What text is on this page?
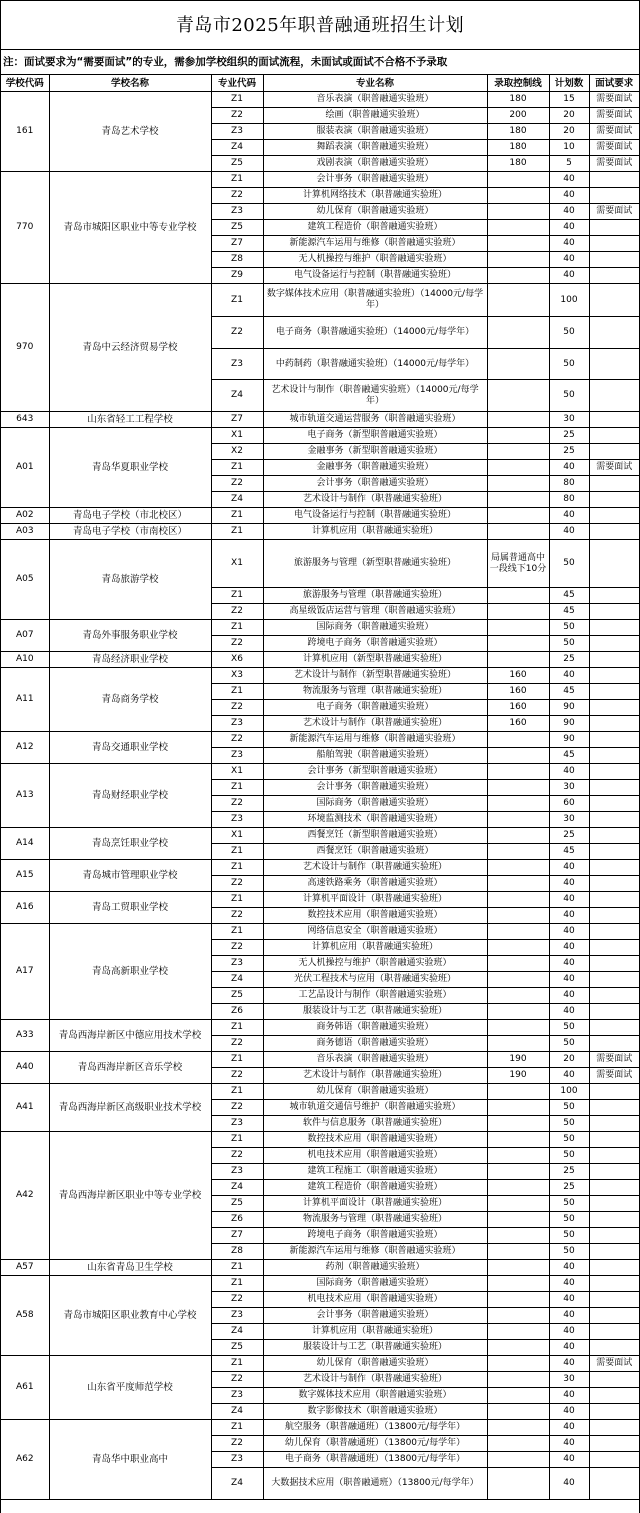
青岛市2025年职普融通班招生计划
注：面试要求为“需要面试”的专业，需参加学校组织的面试流程，未面试或面试不合格不予录取
学校代码	学校名称	专业代码	专业名称	录取控制线	计划数	面试要求
161	青岛艺术学校	Z1	音乐表演（职普融通实验班）	180	15	需要面试
		Z2	绘画（职普融通实验班）	200	20	需要面试
		Z3	服装表演（职普融通实验班）	180	20	需要面试
		Z4	舞蹈表演（职普融通实验班）	180	10	需要面试
		Z5	戏剧表演（职普融通实验班）	180	5	需要面试
770	青岛市城阳区职业中等专业学校	Z1	会计事务（职普融通实验班）		40	
		Z2	计算机网络技术（职普融通实验班）		40	
		Z3	幼儿保育（职普融通实验班）		40	需要面试
		Z5	建筑工程造价（职普融通实验班）		40	
		Z7	新能源汽车运用与维修（职普融通实验班）		40	
		Z8	无人机操控与维护（职普融通实验班）		40	
		Z9	电气设备运行与控制（职普融通实验班）		40	
970	青岛中云经济贸易学校	Z1	数字媒体技术应用（职普融通实验班）（14000元/每学年）		100	
		Z2	电子商务（职普融通实验班）（14000元/每学年）		50	
		Z3	中药制药（职普融通实验班）（14000元/每学年）		50	
		Z4	艺术设计与制作（职普融通实验班）（14000元/每学年）		50	
643	山东省轻工工程学校	Z7	城市轨道交通运营服务（职普融通实验班）		30	
A01	青岛华夏职业学校	X1	电子商务（新型职普融通实验班）		25	
		X2	金融事务（新型职普融通实验班）		25	
		Z1	金融事务（职普融通实验班）		40	需要面试
		Z2	会计事务（职普融通实验班）		80	
		Z4	艺术设计与制作（职普融通实验班）		80	
A02	青岛电子学校（市北校区）	Z1	电气设备运行与控制（职普融通实验班）		40	
A03	青岛电子学校（市南校区）	Z1	计算机应用（职普融通实验班）		40	
A05	青岛旅游学校	X1	旅游服务与管理（新型职普融通实验班）	局属普通高中一段线下10分	50	
		Z1	旅游服务与管理（职普融通实验班）		45	
		Z2	高星级饭店运营与管理（职普融通实验班）		45	
A07	青岛外事服务职业学校	Z1	国际商务（职普融通实验班）		50	
		Z2	跨境电子商务（职普融通实验班）		50	
A10	青岛经济职业学校	X6	计算机应用（新型职普融通实验班）		25	
A11	青岛商务学校	X3	艺术设计与制作（新型职普融通实验班）	160	40	
		Z1	物流服务与管理（职普融通实验班）	160	45	
		Z2	电子商务（职普融通实验班）	160	90	
		Z3	艺术设计与制作（职普融通实验班）	160	90	
A12	青岛交通职业学校	Z2	新能源汽车运用与维修（职普融通实验班）		90	
		Z3	船舶驾驶（职普融通实验班）		45	
A13	青岛财经职业学校	X1	会计事务（新型职普融通实验班）		40	
		Z1	会计事务（职普融通实验班）		30	
		Z2	国际商务（职普融通实验班）		60	
		Z3	环境监测技术（职普融通实验班）		30	
A14	青岛烹饪职业学校	X1	西餐烹饪（新型职普融通实验班）		25	
		Z1	西餐烹饪（职普融通实验班）		45	
A15	青岛城市管理职业学校	Z1	艺术设计与制作（职普融通实验班）		40	
		Z2	高速铁路乘务（职普融通实验班）		40	
A16	青岛工贸职业学校	Z1	计算机平面设计（职普融通实验班）		40	
		Z2	数控技术应用（职普融通实验班）		40	
A17	青岛高新职业学校	Z1	网络信息安全（职普融通实验班）		40	
		Z2	计算机应用（职普融通实验班）		40	
		Z3	无人机操控与维护（职普融通实验班）		40	
		Z4	光伏工程技术与应用（职普融通实验班）		40	
		Z5	工艺品设计与制作（职普融通实验班）		40	
		Z6	服装设计与工艺（职普融通实验班）		40	
A33	青岛西海岸新区中德应用技术学校	Z1	商务韩语（职普融通实验班）		50	
		Z2	商务德语（职普融通实验班）		50	
A40	青岛西海岸新区音乐学校	Z1	音乐表演（职普融通实验班）	190	20	需要面试
		Z2	艺术设计与制作（职普融通实验班）	190	40	需要面试
A41	青岛西海岸新区高级职业技术学校	Z1	幼儿保育（职普融通实验班）		100	
		Z2	城市轨道交通信号维护（职普融通实验班）		50	
		Z3	软件与信息服务（职普融通实验班）		50	
A42	青岛西海岸新区职业中等专业学校	Z1	数控技术应用（职普融通实验班）		50	
		Z2	机电技术应用（职普融通实验班）		50	
		Z3	建筑工程施工（职普融通实验班）		25	
		Z4	建筑工程造价（职普融通实验班）		25	
		Z5	计算机平面设计（职普融通实验班）		50	
		Z6	物流服务与管理（职普融通实验班）		50	
		Z7	跨境电子商务（职普融通实验班）		50	
		Z8	新能源汽车运用与维修（职普融通实验班）		50	
A57	山东省青岛卫生学校	Z1	药剂（职普融通实验班）		40	
A58	青岛市城阳区职业教育中心学校	Z1	国际商务（职普融通实验班）		40	
		Z2	机电技术应用（职普融通实验班）		40	
		Z3	会计事务（职普融通实验班）		40	
		Z4	计算机应用（职普融通实验班）		40	
		Z5	服装设计与工艺（职普融通实验班）		40	
A61	山东省平度师范学校	Z1	幼儿保育（职普融通实验班）		40	需要面试
		Z2	艺术设计与制作（职普融通实验班）		30	
		Z3	数字媒体技术应用（职普融通实验班）		40	
		Z4	数字影像技术（职普融通实验班）		40	
A62	青岛华中职业高中	Z1	航空服务（职普融通班）（13800元/每学年）		40	
		Z2	幼儿保育（职普融通班）（13800元/每学年）		40	
		Z3	电子商务（职普融通班）（13800元/每学年）		40	
		Z4	大数据技术应用（职普融通班）（13800元/每学年）		40	
